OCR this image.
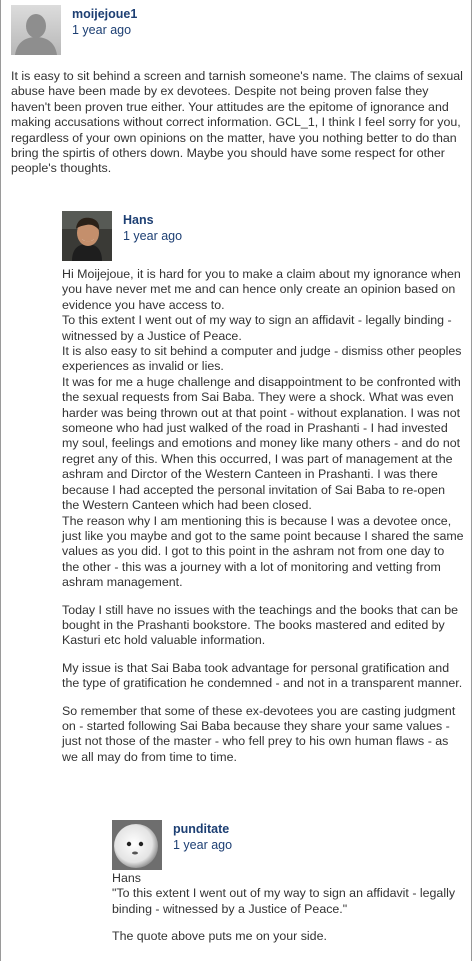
moijejoue1
1 year ago

It is easy to sit behind a screen and tarnish someone's name. The claims of sexual abuse have been made by ex devotees. Despite not being proven false they haven't been proven true either. Your attitudes are the epitome of ignorance and making accusations without correct information. GCL_1, I think I feel sorry for you, regardless of your own opinions on the matter, have you nothing better to do than bring the spirtis of others down. Maybe you should have some respect for other people's thoughts.

Hans
1 year ago

Hi Moijejoue, it is hard for you to make a claim about my ignorance when you have never met me and can hence only create an opinion based on evidence you have access to.
To this extent I went out of my way to sign an affidavit - legally binding - witnessed by a Justice of Peace.
It is also easy to sit behind a computer and judge - dismiss other peoples experiences as invalid or lies.
It was for me a huge challenge and disappointment to be confronted with the sexual requests from Sai Baba. They were a shock. What was even harder was being thrown out at that point - without explanation. I was not someone who had just walked of the road in Prashanti - I had invested my soul, feelings and emotions and money like many others - and do not regret any of this. When this occurred, I was part of management at the ashram and Dirctor of the Western Canteen in Prashanti. I was there because I had accepted the personal invitation of Sai Baba to re-open the Western Canteen which had been closed.
The reason why I am mentioning this is because I was a devotee once, just like you maybe and got to the same point because I shared the same values as you did. I got to this point in the ashram not from one day to the other - this was a journey with a lot of monitoring and vetting from ashram management.

Today I still have no issues with the teachings and the books that can be bought in the Prashanti bookstore. The books mastered and edited by Kasturi etc hold valuable information.

My issue is that Sai Baba took advantage for personal gratification and the type of gratification he condemned - and not in a transparent manner.

So remember that some of these ex-devotees you are casting judgment on - started following Sai Baba because they share your same values - just not those of the master - who fell prey to his own human flaws - as we all may do from time to time.

punditate
1 year ago

Hans
"To this extent I went out of my way to sign an affidavit - legally binding - witnessed by a Justice of Peace."

The quote above puts me on your side.
